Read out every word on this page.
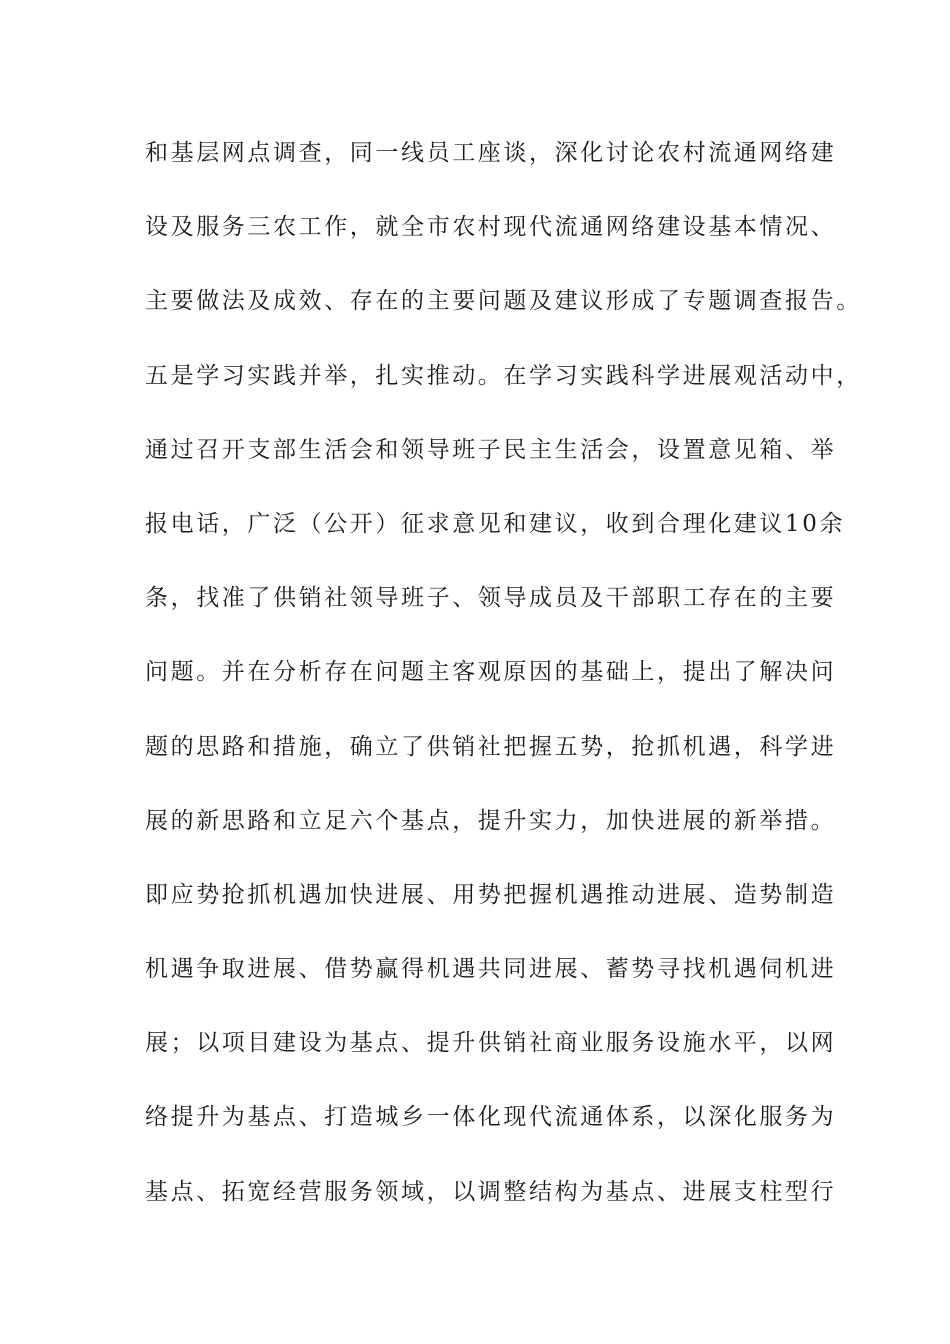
和基层网点调查，同一线员工座谈，深化讨论农村流通网络建
设及服务三农工作，就全市农村现代流通网络建设基本情况、
主要做法及成效、存在的主要问题及建议形成了专题调查报告。
五是学习实践并举，扎实推动。在学习实践科学进展观活动中，
通过召开支部生活会和领导班子民主生活会，设置意见箱、举
报电话，广泛（公开）征求意见和建议，收到合理化建议10余
条，找准了供销社领导班子、领导成员及干部职工存在的主要
问题。并在分析存在问题主客观原因的基础上，提出了解决问
题的思路和措施，确立了供销社把握五势，抢抓机遇，科学进
展的新思路和立足六个基点，提升实力，加快进展的新举措。
即应势抢抓机遇加快进展、用势把握机遇推动进展、造势制造
机遇争取进展、借势赢得机遇共同进展、蓄势寻找机遇伺机进
展；以项目建设为基点、提升供销社商业服务设施水平，以网
络提升为基点、打造城乡一体化现代流通体系，以深化服务为
基点、拓宽经营服务领域，以调整结构为基点、进展支柱型行
